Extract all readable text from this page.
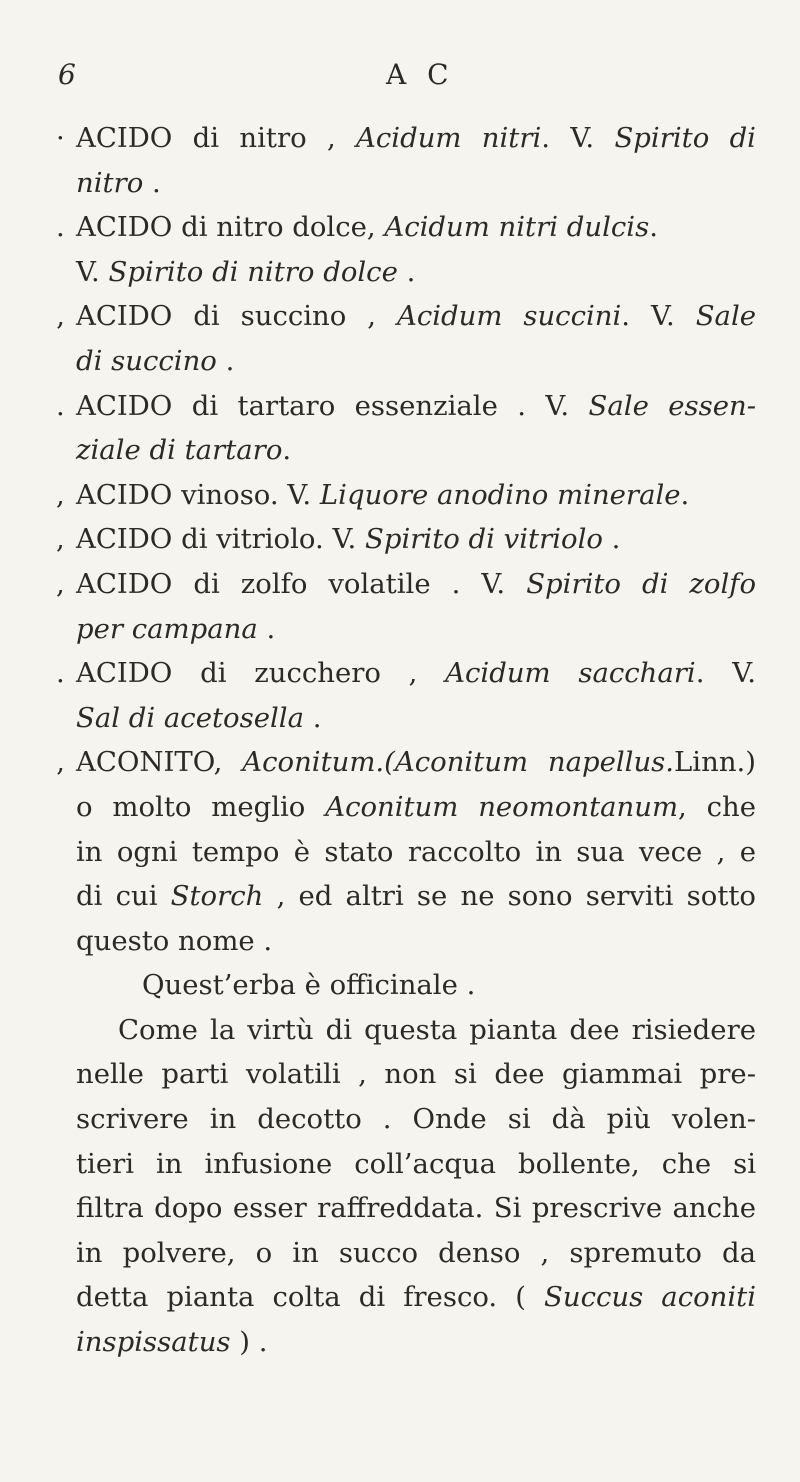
6	A C
· ACIDO di nitro , Acidum nitri. V. Spirito di
nitro .
. ACIDO di nitro dolce, Acidum nitri dulcis.
V. Spirito di nitro dolce .
‚ ACIDO di succino , Acidum succini. V. Sale
di succino .
. ACIDO di tartaro essenziale . V. Sale essen-
ziale di tartaro.
, ACIDO vinoso. V. Liquore anodino minerale.
, ACIDO di vitriolo. V. Spirito di vitriolo .
, ACIDO di zolfo volatile . V. Spirito di zolfo
per campana .
. ACIDO di zucchero , Acidum sacchari. V.
Sal di acetosella .
‚ ACONITO, Aconitum.(Aconitum napellus.Linn.)
o molto meglio Aconitum neomontanum, che
in ogni tempo è stato raccolto in sua vece , e
di cui Storch , ed altri se ne sono serviti sotto
questo nome .
Quest’erba è officinale .
Come la virtù di questa pianta dee risiedere
nelle parti volatili , non si dee giammai pre-
scrivere in decotto . Onde si dà più volen-
tieri in infusione coll’acqua bollente, che si
filtra dopo esser raffreddata. Si prescrive anche
in polvere, o in succo denso , spremuto da
detta pianta colta di fresco. ( Succus aconiti
inspissatus ) .
